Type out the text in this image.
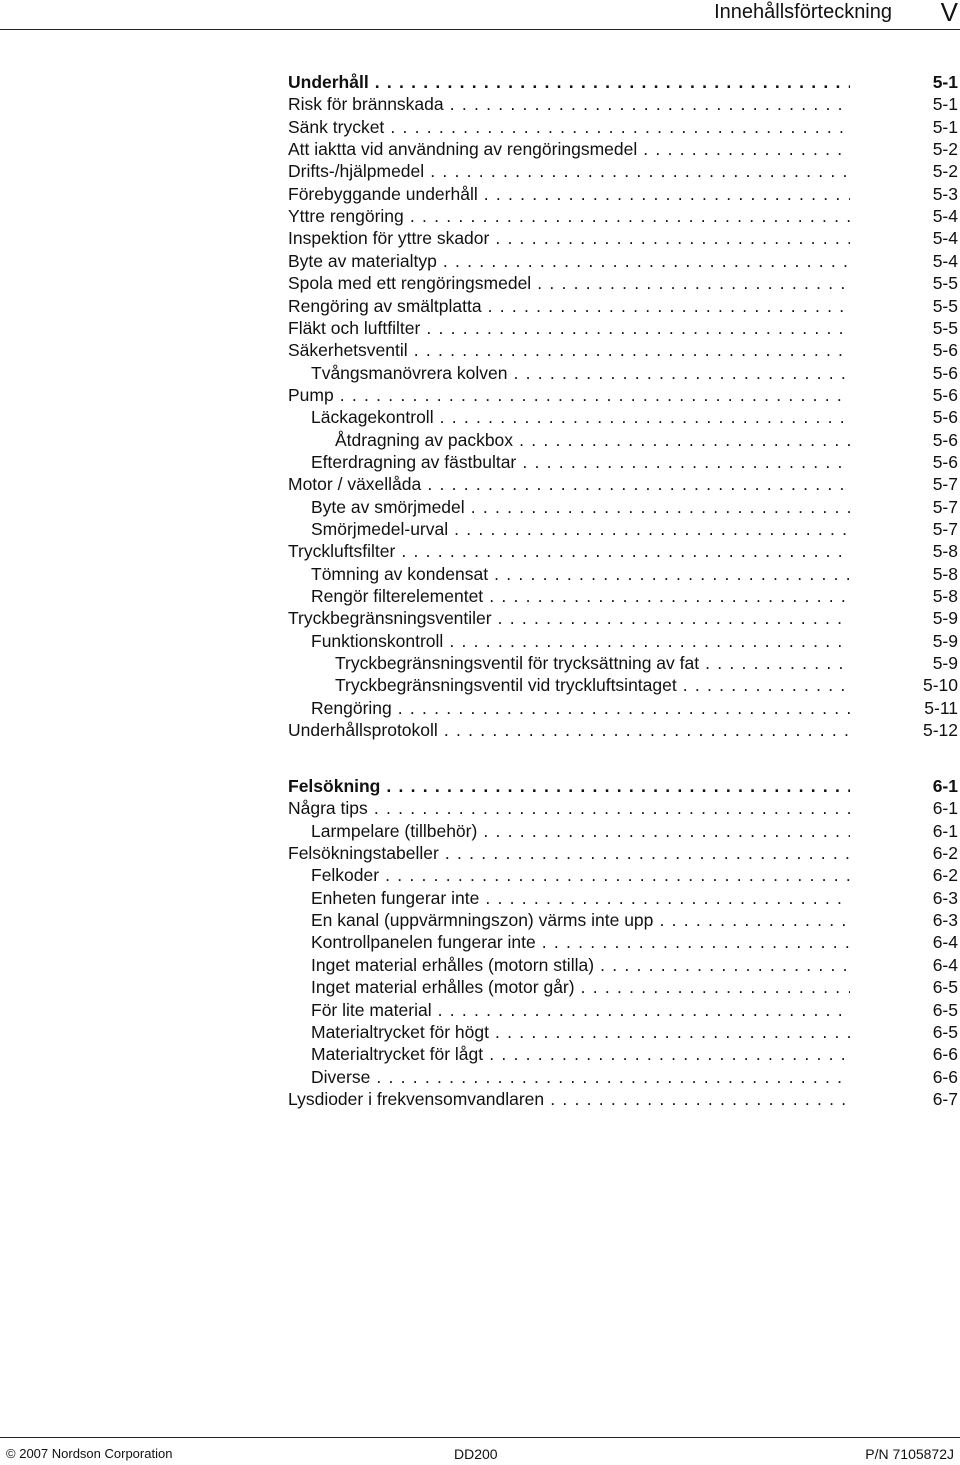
Innehållsförteckning V
Underhåll . . .	5-1
Risk för brännskada . . .	5-1
Sänk trycket . . .	5-1
Att iaktta vid användning av rengöringsmedel . . .	5-2
Drifts-/hjälpmedel . . .	5-2
Förebyggande underhåll . . .	5-3
Yttre rengöring . . .	5-4
Inspektion för yttre skador . . .	5-4
Byte av materialtyp . . .	5-4
Spola med ett rengöringsmedel . . .	5-5
Rengöring av smältplatta . . .	5-5
Fläkt och luftfilter . . .	5-5
Säkerhetsventil . . .	5-6
Tvångsmanövrera kolven . . .	5-6
Pump . . .	5-6
Läckagekontroll . . .	5-6
Åtdragning av packbox . . .	5-6
Efterdragning av fästbultar . . .	5-6
Motor / växellåda . . .	5-7
Byte av smörjmedel . . .	5-7
Smörjmedel-urval . . .	5-7
Tryckluftsfilter . . .	5-8
Tömning av kondensat . . .	5-8
Rengör filterelementet . . .	5-8
Tryckbegränsningsventiler . . .	5-9
Funktionskontroll . . .	5-9
Tryckbegränsningsventil för trycksättning av fat . . .	5-9
Tryckbegränsningsventil vid tryckluftsintaget . . .	5-10
Rengöring . . .	5-11
Underhållsprotokoll . . .	5-12
Felsökning . . .	6-1
Några tips . . .	6-1
Larmpelare (tillbehör) . . .	6-1
Felsökningstabeller . . .	6-2
Felkoder . . .	6-2
Enheten fungerar inte . . .	6-3
En kanal (uppvärmningszon) värms inte upp . . .	6-3
Kontrollpanelen fungerar inte . . .	6-4
Inget material erhålles (motorn stilla) . . .	6-4
Inget material erhålles (motor går) . . .	6-5
För lite material . . .	6-5
Materialtrycket för högt . . .	6-5
Materialtrycket för lågt . . .	6-6
Diverse . . .	6-6
Lysdioder i frekvensomvandlaren . . .	6-7
© 2007 Nordson Corporation	DD200	P/N 7105872J
